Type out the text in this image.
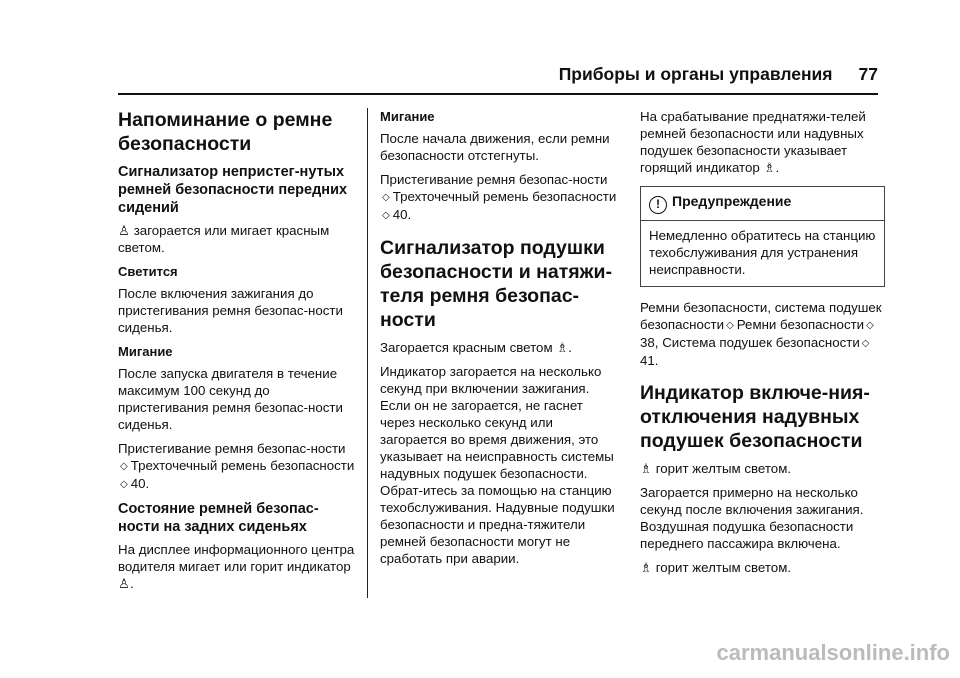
Приборы и органы управления 77
Напоминание о ремне безопасности
Сигнализатор непристег-нутых ремней безопасности передних сидений

♙ загорается или мигает красным светом.

Светится

После включения зажигания до пристегивания ремня безопас-ности сиденья.

Мигание

После запуска двигателя в течение максимум 100 секунд до пристегивания ремня безопас-ности сиденья.

Пристегивание ремня безопас-ности◇ Трехточечный ремень безопасности◇ 40.

Состояние ремней безопас-ности на задних сиденьях

На дисплее информационного центра водителя мигает или горит индикатор ♙.

Мигание

После начала движения, если ремни безопасности отстегнуты.

Пристегивание ремня безопас-ности◇ Трехточечный ремень безопасности◇ 40.

Сигнализатор подушки безопасности и натяжи-теля ремня безопас-ности

Загорается красным светом ♗.

Индикатор загорается на несколько секунд при включении зажигания. Если он не загорается, не гаснет через несколько секунд или загорается во время движения, это указывает на неисправность системы надувных подушек безопасности. Обрат-итесь за помощью на станцию техобслуживания. Надувные подушки безопасности и предна-тяжители ремней безопасности могут не сработать при аварии.

На срабатывание преднатяжи-телей ремней безопасности или надувных подушек безопасности указывает горящий индикатор ♗.

! Предупреждение
Немедленно обратитесь на станцию техобслуживания для устранения неисправности.

Ремни безопасности, система подушек безопасности ◇ Ремни безопасности ◇38, Система подушек безопасности ◇41.

Индикатор включе-ния-отключения надувных подушек безопасности

♗ горит желтым светом.

Загорается примерно на несколько секунд после включения зажигания. Воздушная подушка безопасности переднего пассажира включена.

♗ горит желтым светом.

carmanualsonline.info
